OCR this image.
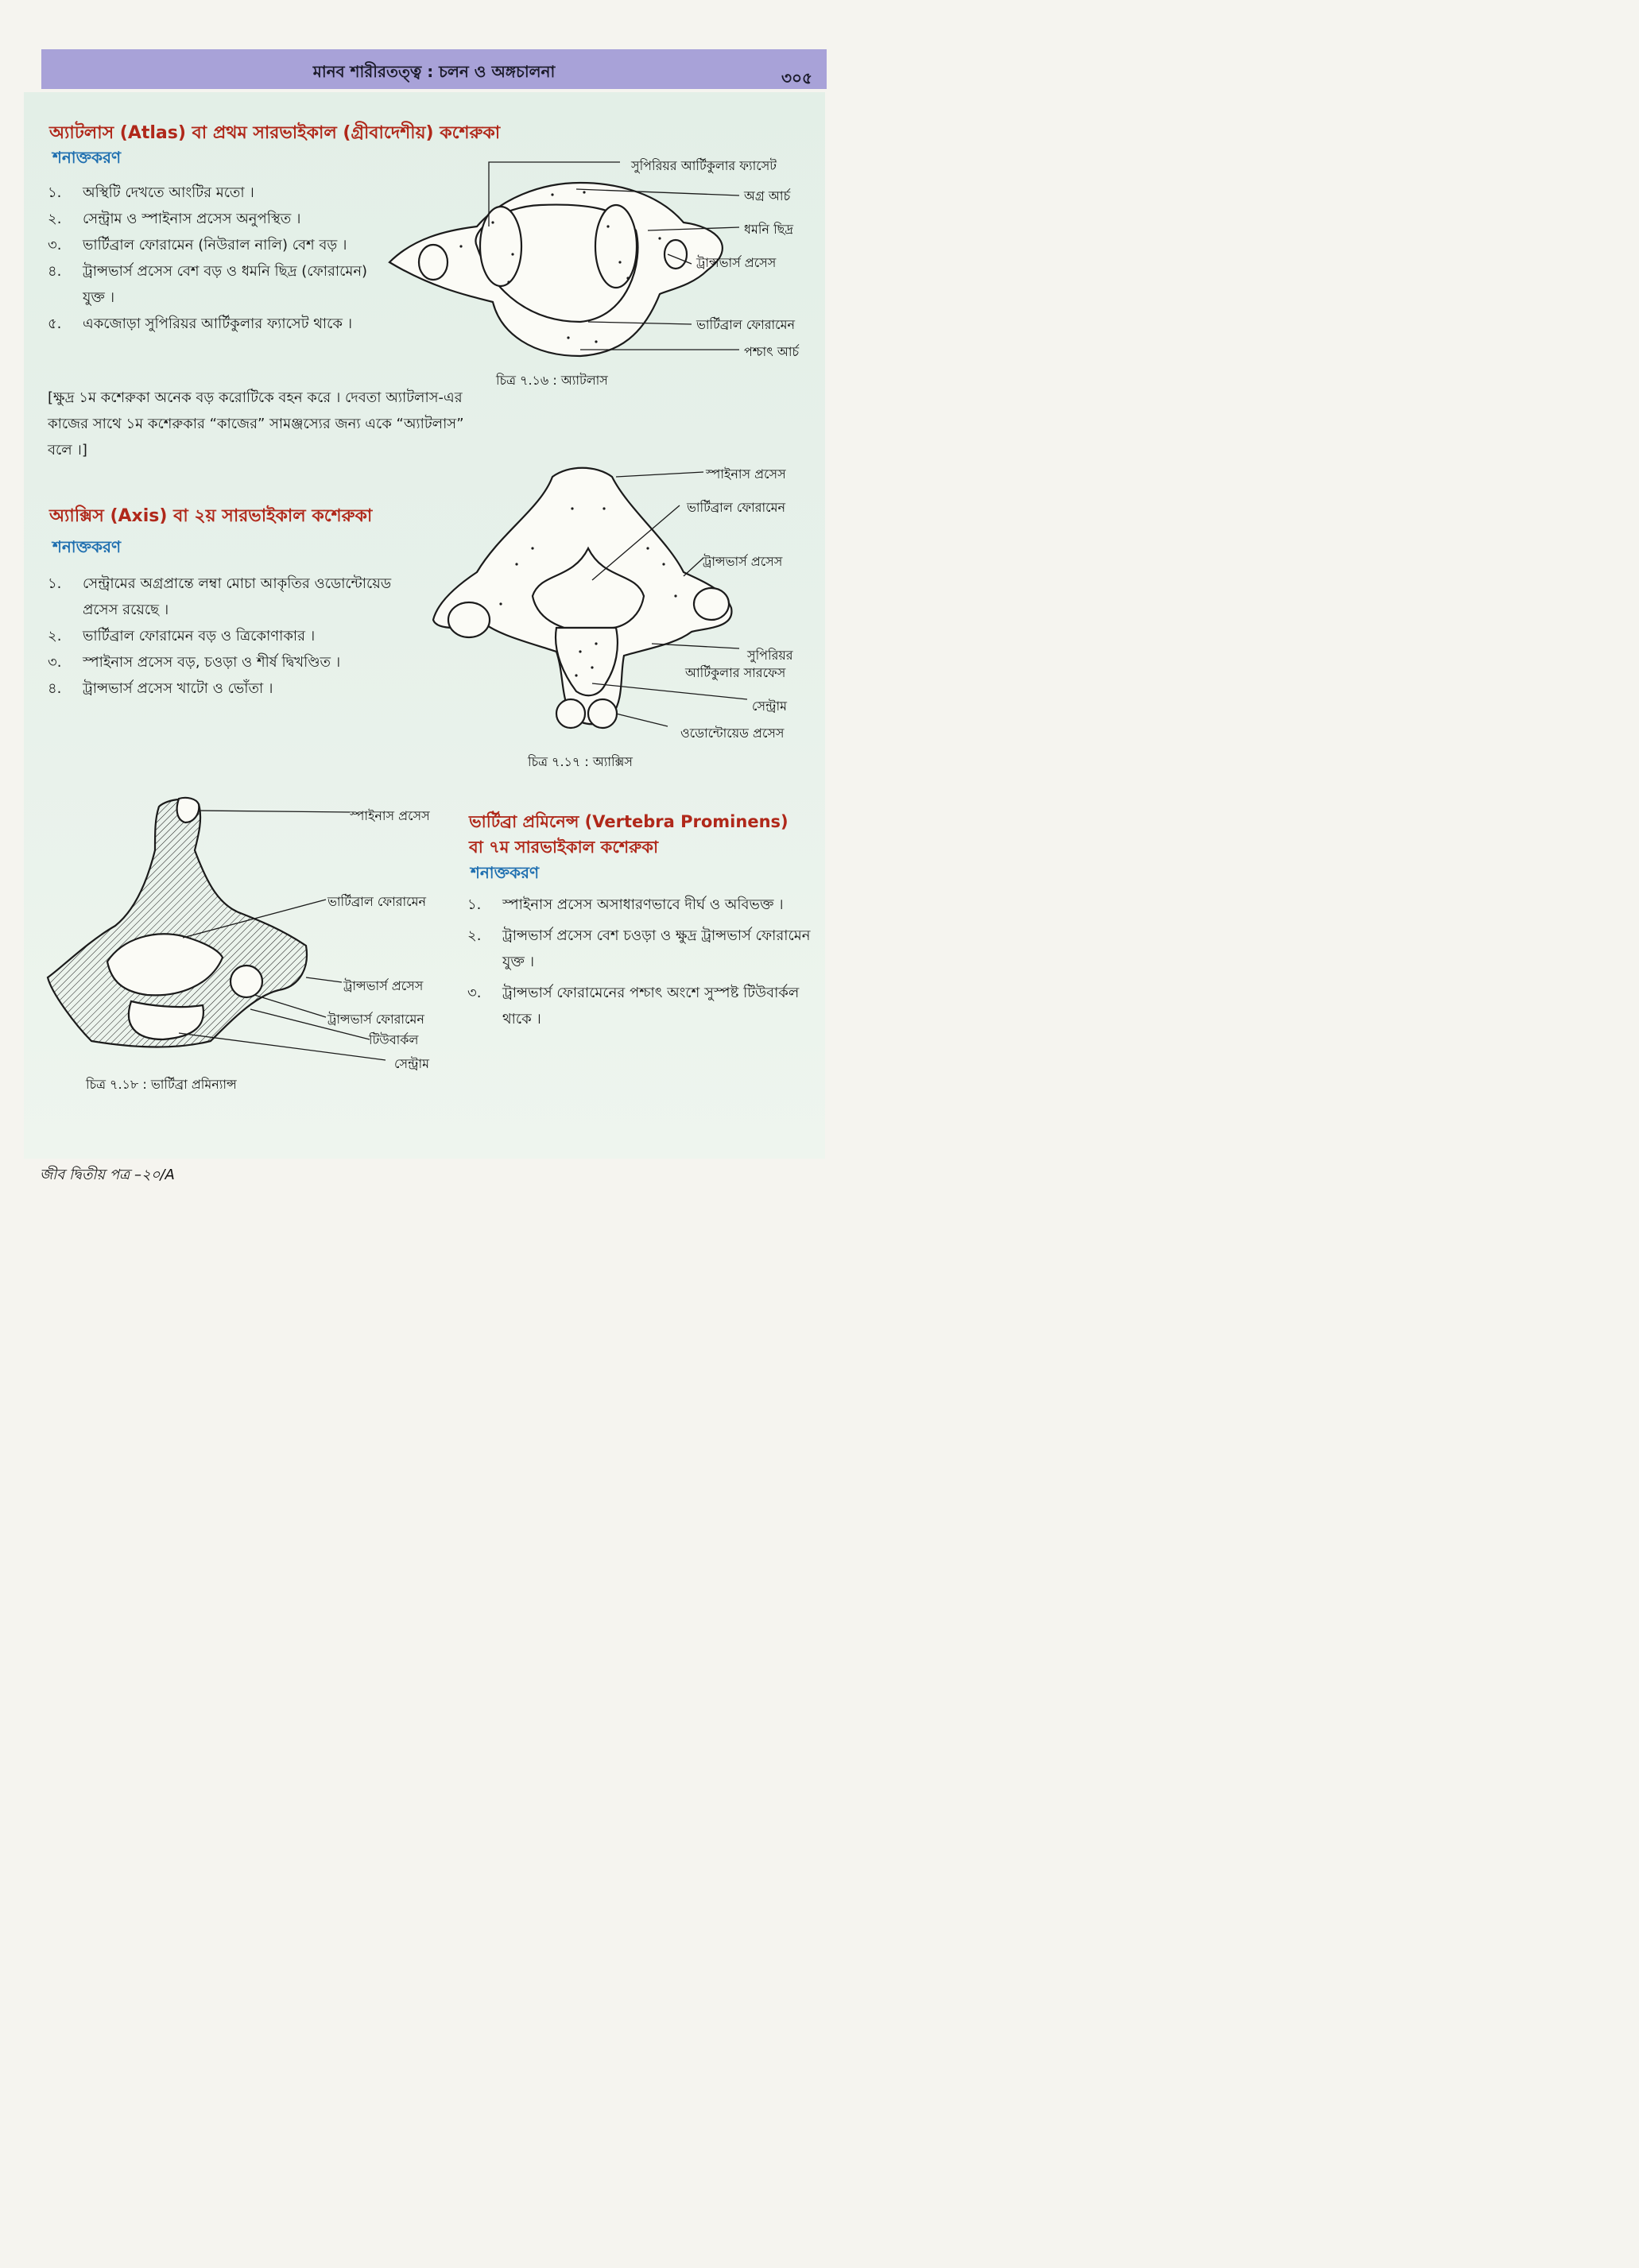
মানব শারীরতত্ত্ব : চলন ও অঙ্গচালনা	৩০৫
অ্যাটলাস (Atlas) বা প্রথম সারভাইকাল (গ্রীবাদেশীয়) কশেরুকা
শনাক্তকরণ
১. অস্থিটি দেখতে আংটির মতো ।
২. সেন্ট্রাম ও স্পাইনাস প্রসেস অনুপস্থিত ।
৩. ভার্টিব্রাল ফোরামেন (নিউরাল নালি) বেশ বড় ।
৪. ট্রান্সভার্স প্রসেস বেশ বড় ও ধমনি ছিদ্র (ফোরামেন) যুক্ত ।
৫. একজোড়া সুপিরিয়র আর্টিকুলার ফ্যাসেট থাকে ।
[ক্ষুদ্র ১ম কশেরুকা অনেক বড় করোটিকে বহন করে । দেবতা অ্যাটলাস-এর কাজের সাথে ১ম কশেরুকার “কাজের” সামঞ্জস্যের জন্য একে “অ্যাটলাস” বলে ।]
সুপিরিয়র আর্টিকুলার ফ্যাসেট
অগ্র আর্চ
ধমনি ছিদ্র
ট্রান্সভার্স প্রসেস
ভার্টিব্রাল ফোরামেন
পশ্চাৎ আর্চ
চিত্র ৭.১৬ : অ্যাটলাস
অ্যাক্সিস (Axis) বা ২য় সারভাইকাল কশেরুকা
শনাক্তকরণ
১. সেন্ট্রামের অগ্রপ্রান্তে লম্বা মোচা আকৃতির ওডোন্টোয়েড প্রসেস রয়েছে ।
২. ভার্টিব্রাল ফোরামেন বড় ও ত্রিকোণাকার ।
৩. স্পাইনাস প্রসেস বড়, চওড়া ও শীর্ষ দ্বিখণ্ডিত ।
৪. ট্রান্সভার্স প্রসেস খাটো ও ভোঁতা ।
স্পাইনাস প্রসেস
ভার্টিব্রাল ফোরামেন
ট্রান্সভার্স প্রসেস
সুপিরিয়র
আর্টিকুলার সারফেস
সেন্ট্রাম
ওডোন্টোয়েড প্রসেস
চিত্র ৭.১৭ : অ্যাক্সিস
স্পাইনাস প্রসেস
ভার্টিব্রাল ফোরামেন
ট্রান্সভার্স প্রসেস
ট্রান্সভার্স ফোরামেন
টিউবার্কল
সেন্ট্রাম
চিত্র ৭.১৮ : ভার্টিব্রা প্রমিন্যান্স
ভার্টিব্রা প্রমিনেন্স (Vertebra Prominens)
বা ৭ম সারভাইকাল কশেরুকা
শনাক্তকরণ
১. স্পাইনাস প্রসেস অসাধারণভাবে দীর্ঘ ও অবিভক্ত ।
২. ট্রান্সভার্স প্রসেস বেশ চওড়া ও ক্ষুদ্র ট্রান্সভার্স ফোরামেন যুক্ত ।
৩. ট্রান্সভার্স ফোরামেনের পশ্চাৎ অংশে সুস্পষ্ট টিউবার্কল থাকে ।
জীব দ্বিতীয় পত্র –২০/A
